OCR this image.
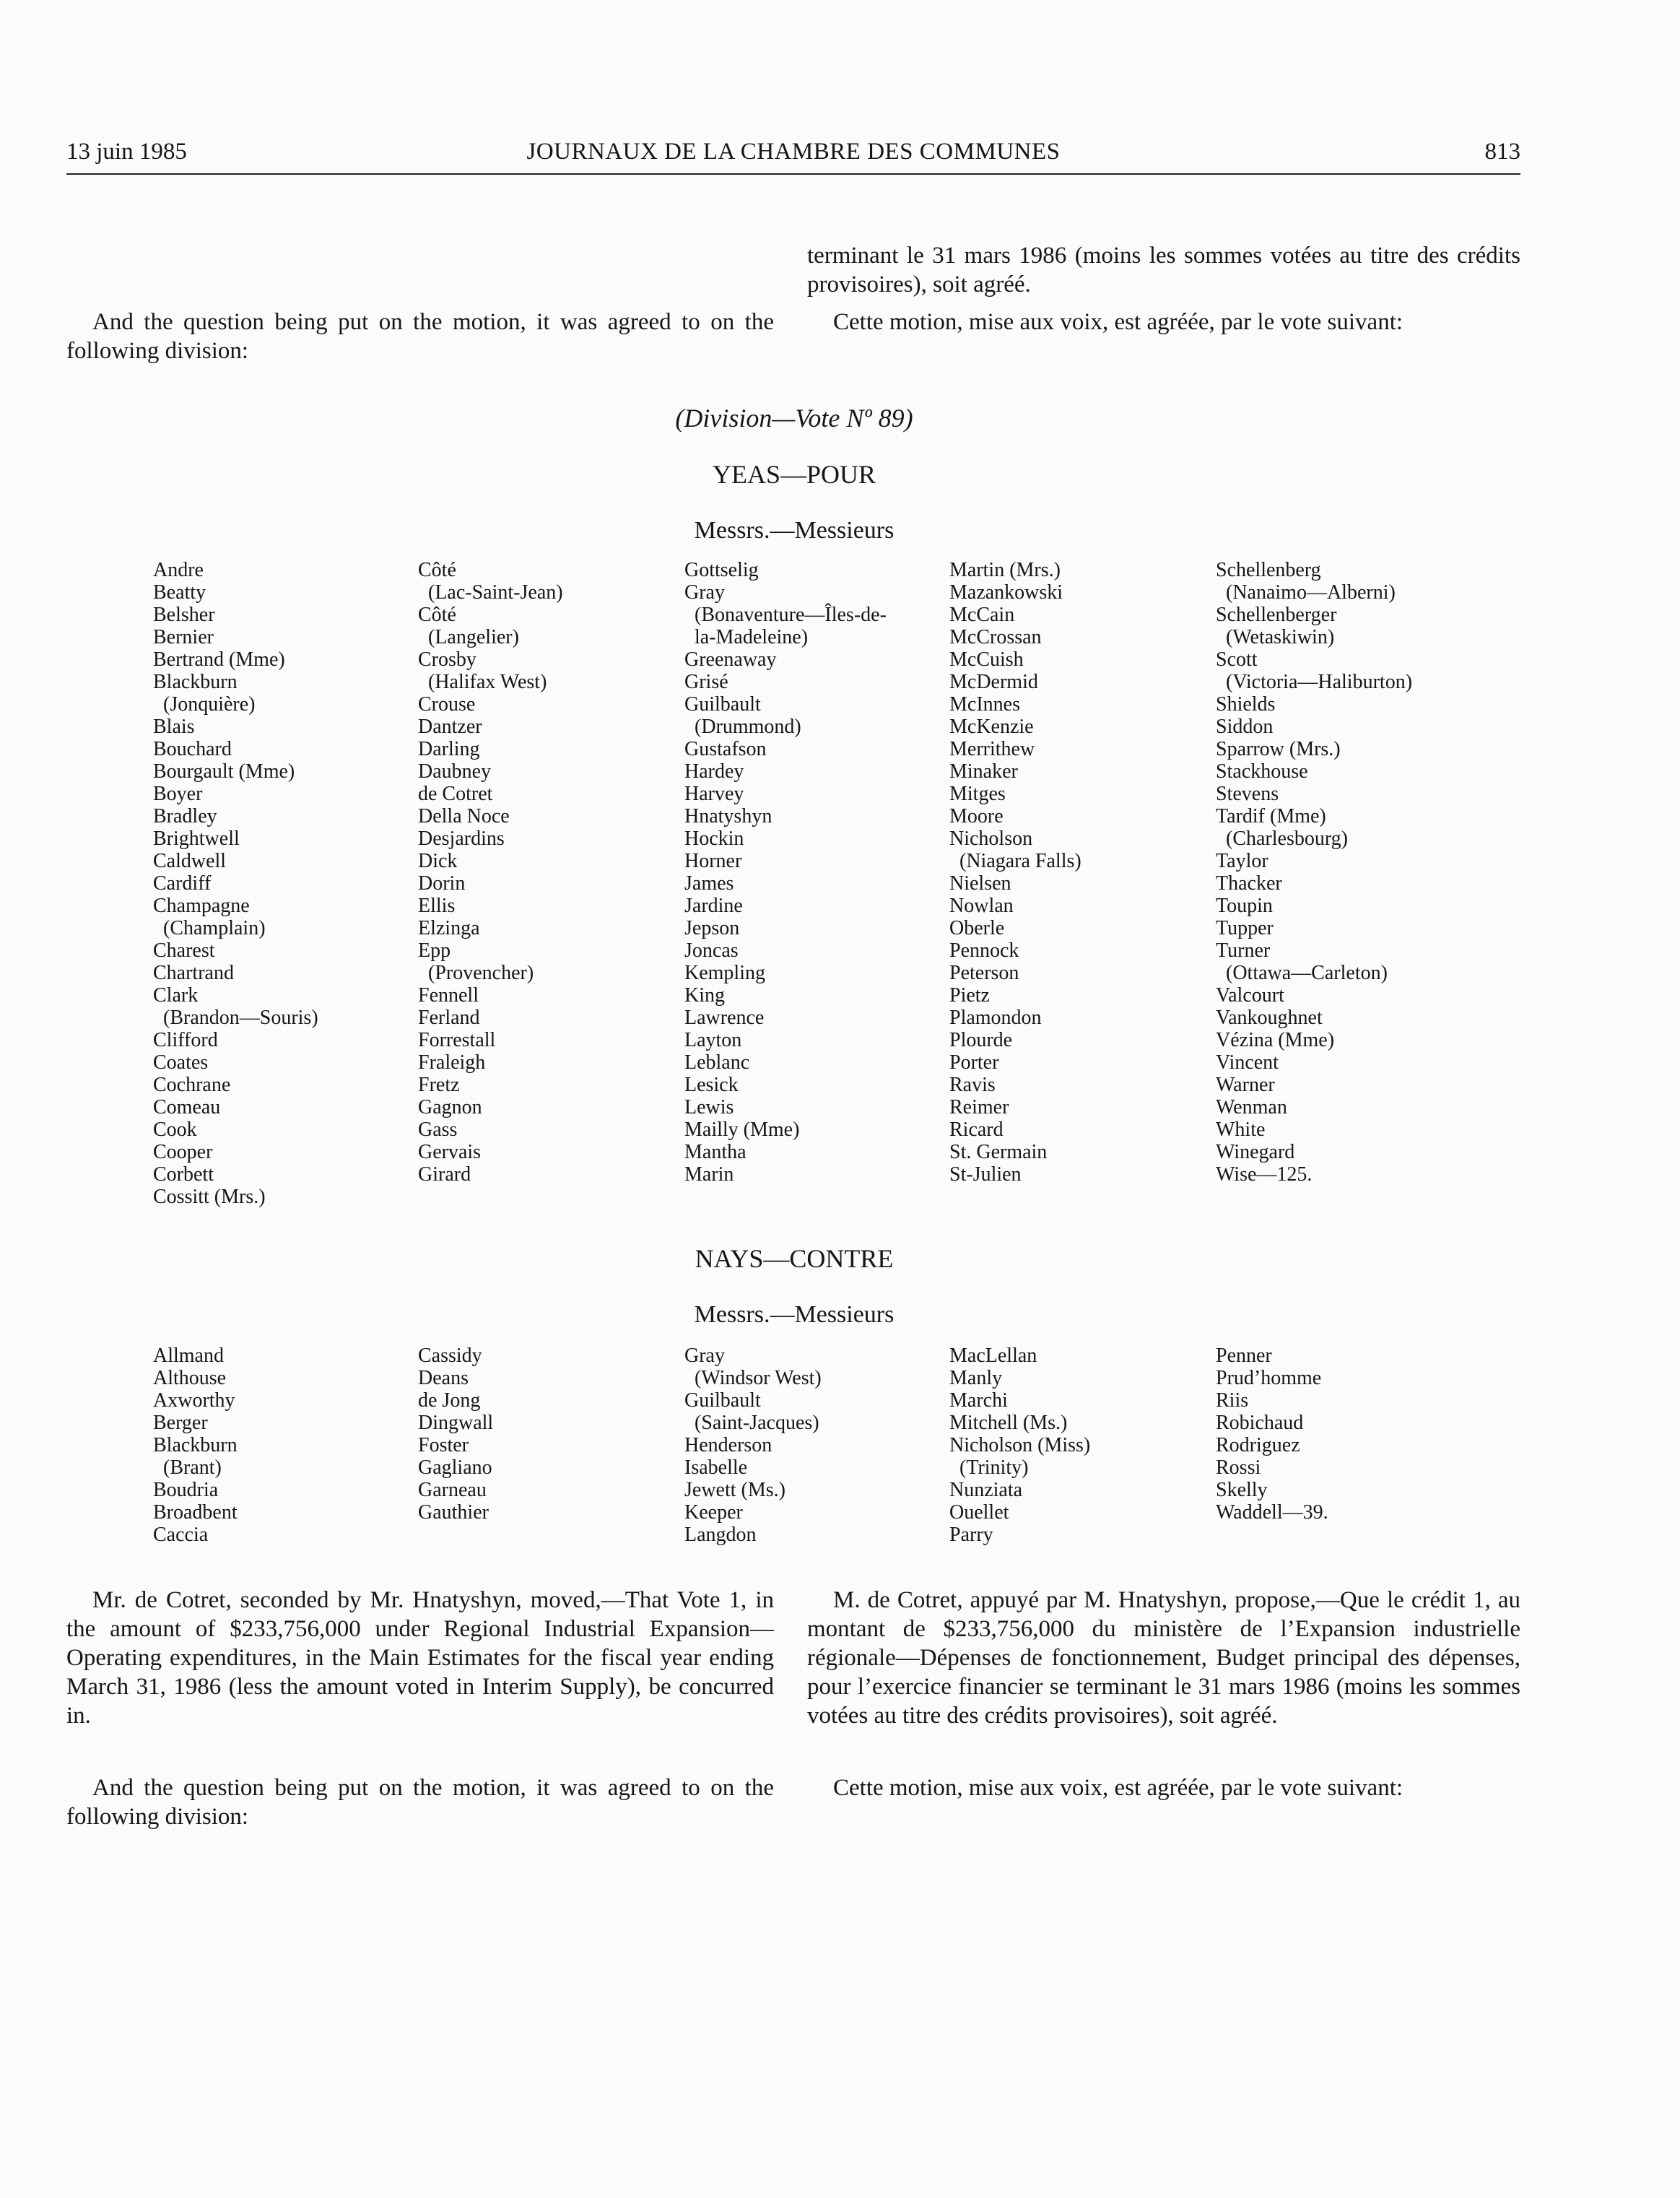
13 juin 1985	JOURNAUX DE LA CHAMBRE DES COMMUNES	813

And the question being put on the motion, it was agreed to on the following division:

terminant le 31 mars 1986 (moins les sommes votées au titre des crédits provisoires), soit agréé.

Cette motion, mise aux voix, est agréée, par le vote suivant:

(Division—Vote Nº 89)
YEAS—POUR
Messrs.—Messieurs
Andre
Beatty
Belsher
Bernier
Bertrand (Mme)
Blackburn
(Jonquière)
Blais
Bouchard
Bourgault (Mme)
Boyer
Bradley
Brightwell
Caldwell
Cardiff
Champagne
(Champlain)
Charest
Chartrand
Clark
(Brandon—Souris)
Clifford
Coates
Cochrane
Comeau
Cook
Cooper
Corbett
Cossitt (Mrs.)
Côté
(Lac-Saint-Jean)
Côté
(Langelier)
Crosby
(Halifax West)
Crouse
Dantzer
Darling
Daubney
de Cotret
Della Noce
Desjardins
Dick
Dorin
Ellis
Elzinga
Epp
(Provencher)
Fennell
Ferland
Forrestall
Fraleigh
Fretz
Gagnon
Gass
Gervais
Girard
Gottselig
Gray
(Bonaventure—Îles-de-
la-Madeleine)
Greenaway
Grisé
Guilbault
(Drummond)
Gustafson
Hardey
Harvey
Hnatyshyn
Hockin
Horner
James
Jardine
Jepson
Joncas
Kempling
King
Lawrence
Layton
Leblanc
Lesick
Lewis
Mailly (Mme)
Mantha
Marin
Martin (Mrs.)
Mazankowski
McCain
McCrossan
McCuish
McDermid
McInnes
McKenzie
Merrithew
Minaker
Mitges
Moore
Nicholson
(Niagara Falls)
Nielsen
Nowlan
Oberle
Pennock
Peterson
Pietz
Plamondon
Plourde
Porter
Ravis
Reimer
Ricard
St. Germain
St-Julien
Schellenberg
(Nanaimo—Alberni)
Schellenberger
(Wetaskiwin)
Scott
(Victoria—Haliburton)
Shields
Siddon
Sparrow (Mrs.)
Stackhouse
Stevens
Tardif (Mme)
(Charlesbourg)
Taylor
Thacker
Toupin
Tupper
Turner
(Ottawa—Carleton)
Valcourt
Vankoughnet
Vézina (Mme)
Vincent
Warner
Wenman
White
Winegard
Wise—125.
NAYS—CONTRE
Messrs.—Messieurs
Allmand
Althouse
Axworthy
Berger
Blackburn
(Brant)
Boudria
Broadbent
Caccia
Cassidy
Deans
de Jong
Dingwall
Foster
Gagliano
Garneau
Gauthier
Gray
(Windsor West)
Guilbault
(Saint-Jacques)
Henderson
Isabelle
Jewett (Ms.)
Keeper
Langdon
MacLellan
Manly
Marchi
Mitchell (Ms.)
Nicholson (Miss)
(Trinity)
Nunziata
Ouellet
Parry
Penner
Prud’homme
Riis
Robichaud
Rodriguez
Rossi
Skelly
Waddell—39.

Mr. de Cotret, seconded by Mr. Hnatyshyn, moved,—That Vote 1, in the amount of $233,756,000 under Regional Industrial Expansion—Operating expenditures, in the Main Estimates for the fiscal year ending March 31, 1986 (less the amount voted in Interim Supply), be concurred in.

And the question being put on the motion, it was agreed to on the following division:

M. de Cotret, appuyé par M. Hnatyshyn, propose,—Que le crédit 1, au montant de $233,756,000 du ministère de l’Expansion industrielle régionale—Dépenses de fonctionnement, Budget principal des dépenses, pour l’exercice financier se terminant le 31 mars 1986 (moins les sommes votées au titre des crédits provisoires), soit agréé.

Cette motion, mise aux voix, est agréée, par le vote suivant:
